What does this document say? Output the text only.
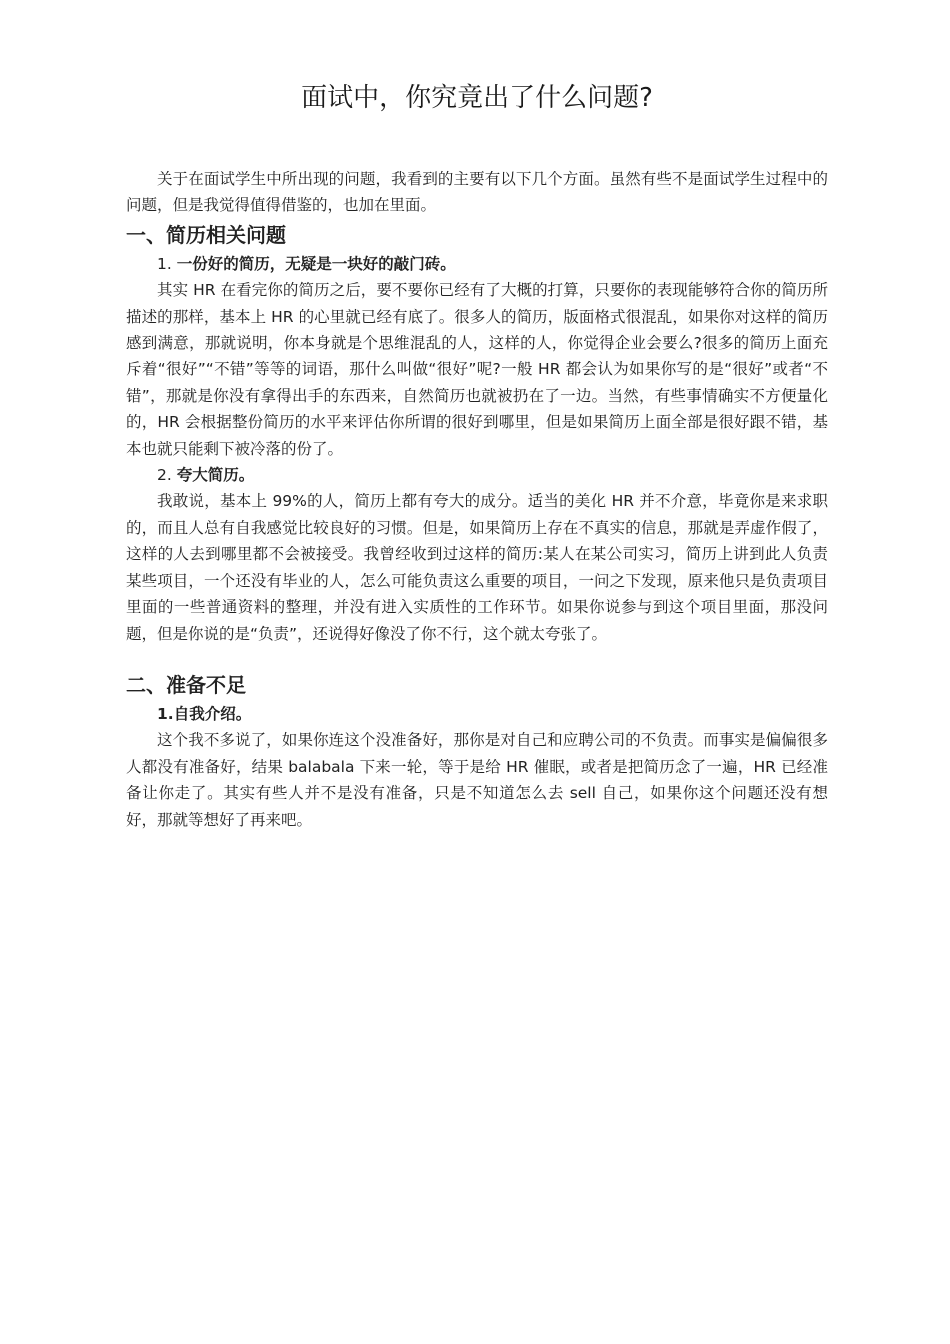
面试中，你究竟出了什么问题?

关于在面试学生中所出现的问题，我看到的主要有以下几个方面。虽然有些不是面试学生过程中的问题，但是我觉得值得借鉴的，也加在里面。

一、简历相关问题
1. 一份好的简历，无疑是一块好的敲门砖。

其实 HR 在看完你的简历之后，要不要你已经有了大概的打算，只要你的表现能够符合你的简历所描述的那样，基本上 HR 的心里就已经有底了。很多人的简历，版面格式很混乱，如果你对这样的简历感到满意，那就说明，你本身就是个思维混乱的人，这样的人，你觉得企业会要么?很多的简历上面充斥着“很好”“不错”等等的词语，那什么叫做“很好”呢?一般 HR 都会认为如果你写的是“很好”或者“不错”，那就是你没有拿得出手的东西来，自然简历也就被扔在了一边。当然，有些事情确实不方便量化的，HR 会根据整份简历的水平来评估你所谓的很好到哪里，但是如果简历上面全部是很好跟不错，基本也就只能剩下被冷落的份了。

2. 夸大简历。

我敢说，基本上 99%的人，简历上都有夸大的成分。适当的美化 HR 并不介意，毕竟你是来求职的，而且人总有自我感觉比较良好的习惯。但是，如果简历上存在不真实的信息，那就是弄虚作假了，这样的人去到哪里都不会被接受。我曾经收到过这样的简历:某人在某公司实习，简历上讲到此人负责某些项目，一个还没有毕业的人，怎么可能负责这么重要的项目，一问之下发现，原来他只是负责项目里面的一些普通资料的整理，并没有进入实质性的工作环节。如果你说参与到这个项目里面，那没问题，但是你说的是“负责”，还说得好像没了你不行，这个就太夸张了。

二、准备不足
1.自我介绍。

这个我不多说了，如果你连这个没准备好，那你是对自己和应聘公司的不负责。而事实是偏偏很多人都没有准备好，结果 balabala 下来一轮，等于是给 HR 催眠，或者是把简历念了一遍，HR 已经准备让你走了。其实有些人并不是没有准备，只是不知道怎么去 sell 自己，如果你这个问题还没有想好，那就等想好了再来吧。
